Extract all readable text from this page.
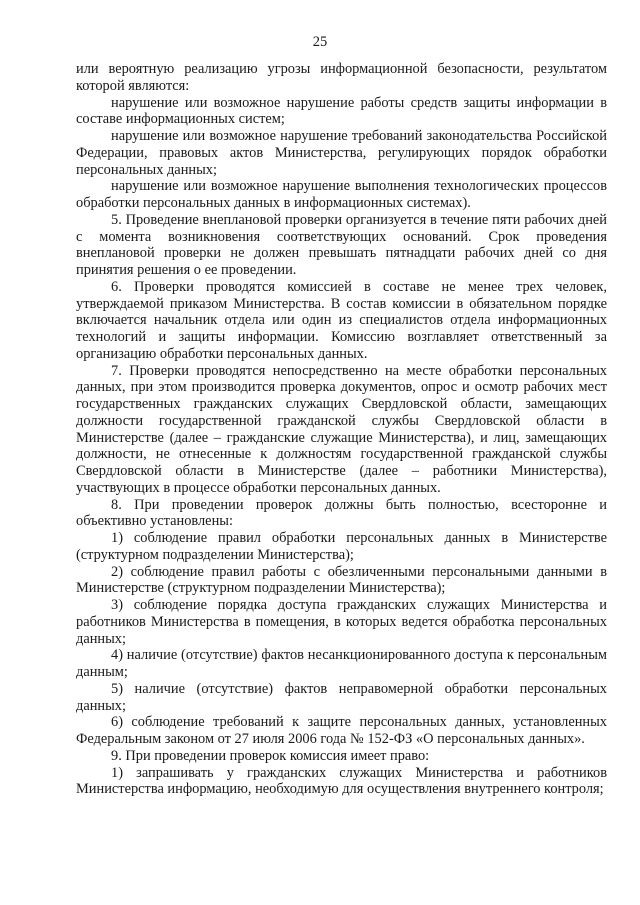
25

или вероятную реализацию угрозы информационной безопасности, результатом которой являются:

нарушение или возможное нарушение работы средств защиты информации в составе информационных систем;

нарушение или возможное нарушение требований законодательства Российской Федерации, правовых актов Министерства, регулирующих порядок обработки персональных данных;

нарушение или возможное нарушение выполнения технологических процессов обработки персональных данных в информационных системах).

5. Проведение внеплановой проверки организуется в течение пяти рабочих дней с момента возникновения соответствующих оснований. Срок проведения внеплановой проверки не должен превышать пятнадцати рабочих дней со дня принятия решения о ее проведении.

6. Проверки проводятся комиссией в составе не менее трех человек, утверждаемой приказом Министерства. В состав комиссии в обязательном порядке включается начальник отдела или один из специалистов отдела информационных технологий и защиты информации. Комиссию возглавляет ответственный за организацию обработки персональных данных.

7. Проверки проводятся непосредственно на месте обработки персональных данных, при этом производится проверка документов, опрос и осмотр рабочих мест государственных гражданских служащих Свердловской области, замещающих должности государственной гражданской службы Свердловской области в Министерстве (далее – гражданские служащие Министерства), и лиц, замещающих должности, не отнесенные к должностям государственной гражданской службы Свердловской области в Министерстве (далее – работники Министерства), участвующих в процессе обработки персональных данных.

8. При проведении проверок должны быть полностью, всесторонне и объективно установлены:

1) соблюдение правил обработки персональных данных в Министерстве (структурном подразделении Министерства);

2) соблюдение правил работы с обезличенными персональными данными в Министерстве (структурном подразделении Министерства);

3) соблюдение порядка доступа гражданских служащих Министерства и работников Министерства в помещения, в которых ведется обработка персональных данных;

4) наличие (отсутствие) фактов несанкционированного доступа к персональным данным;

5) наличие (отсутствие) фактов неправомерной обработки персональных данных;

6) соблюдение требований к защите персональных данных, установленных Федеральным законом от 27 июля 2006 года № 152-ФЗ «О персональных данных».

9. При проведении проверок комиссия имеет право:

1) запрашивать у гражданских служащих Министерства и работников Министерства информацию, необходимую для осуществления внутреннего контроля;
